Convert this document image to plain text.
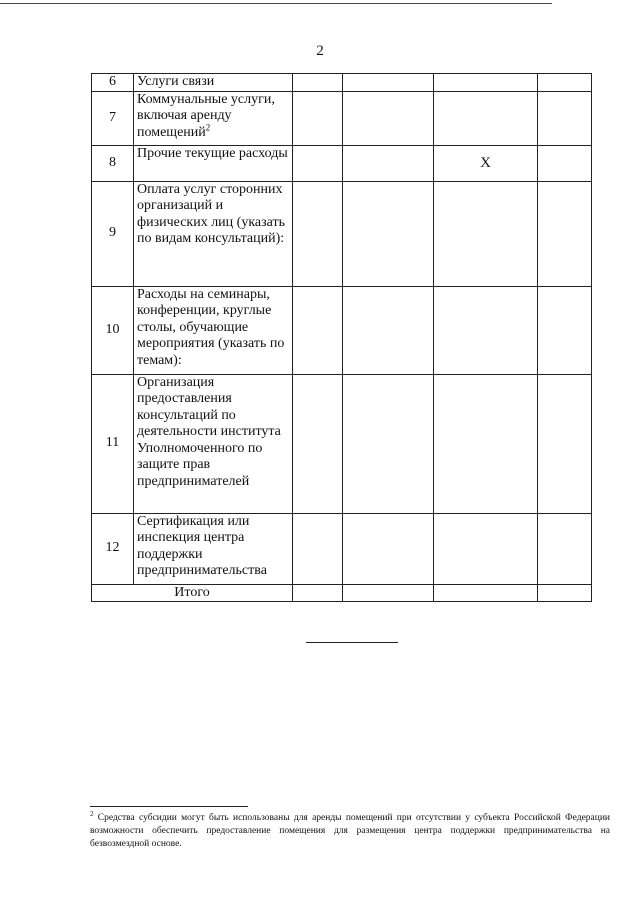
2
6	Услуги связи				
7	Коммунальные услуги, включая аренду помещений$^2$				
8	Прочие текущие расходы			X	
9	Оплата услуг сторонних организаций и физических лиц (указать по видам консультаций):				
10	Расходы на семинары, конференции, круглые столы, обучающие мероприятия (указать по темам):				
11	Организация предоставления консультаций по деятельности института Уполномоченного по защите прав предпринимателей				
12	Сертификация или инспекция центра поддержки предпринимательства				
Итого					
$^2$ Средства субсидии могут быть использованы для аренды помещений при отсутствии у субъекта Российской Федерации возможности обеспечить предоставление помещения для размещения центра поддержки предпринимательства на безвозмездной основе.
